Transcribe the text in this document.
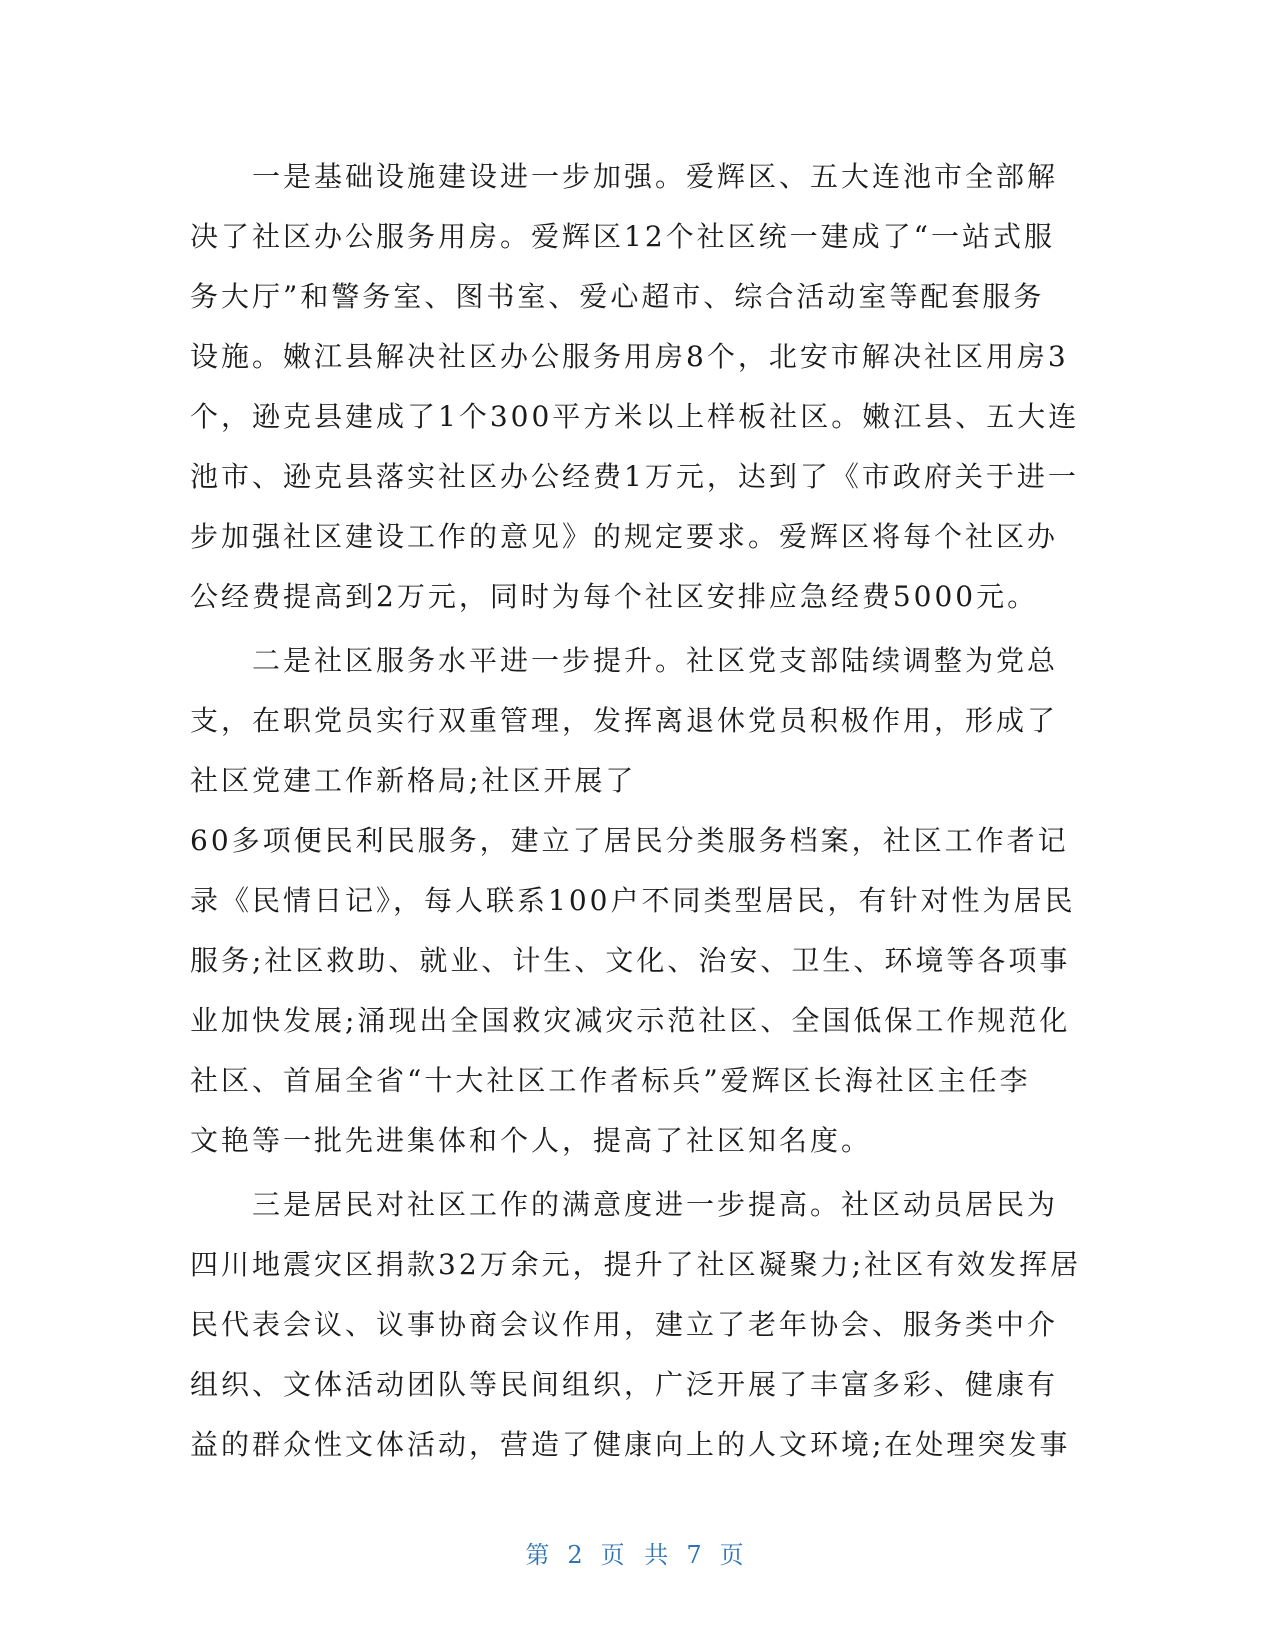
一是基础设施建设进一步加强。爱辉区、五大连池市全部解
决了社区办公服务用房。爱辉区12个社区统一建成了“一站式服
务大厅”和警务室、图书室、爱心超市、综合活动室等配套服务
设施。嫩江县解决社区办公服务用房8个，北安市解决社区用房3
个，逊克县建成了1个300平方米以上样板社区。嫩江县、五大连
池市、逊克县落实社区办公经费1万元，达到了《市政府关于进一
步加强社区建设工作的意见》的规定要求。爱辉区将每个社区办
公经费提高到2万元，同时为每个社区安排应急经费5000元。
二是社区服务水平进一步提升。社区党支部陆续调整为党总
支，在职党员实行双重管理，发挥离退休党员积极作用，形成了
社区党建工作新格局;社区开展了
60多项便民利民服务，建立了居民分类服务档案，社区工作者记
录《民情日记》，每人联系100户不同类型居民，有针对性为居民
服务;社区救助、就业、计生、文化、治安、卫生、环境等各项事
业加快发展;涌现出全国救灾减灾示范社区、全国低保工作规范化
社区、首届全省“十大社区工作者标兵”爱辉区长海社区主任李
文艳等一批先进集体和个人，提高了社区知名度。
三是居民对社区工作的满意度进一步提高。社区动员居民为
四川地震灾区捐款32万余元，提升了社区凝聚力;社区有效发挥居
民代表会议、议事协商会议作用，建立了老年协会、服务类中介
组织、文体活动团队等民间组织，广泛开展了丰富多彩、健康有
益的群众性文体活动，营造了健康向上的人文环境;在处理突发事
第 2 页 共 7 页
